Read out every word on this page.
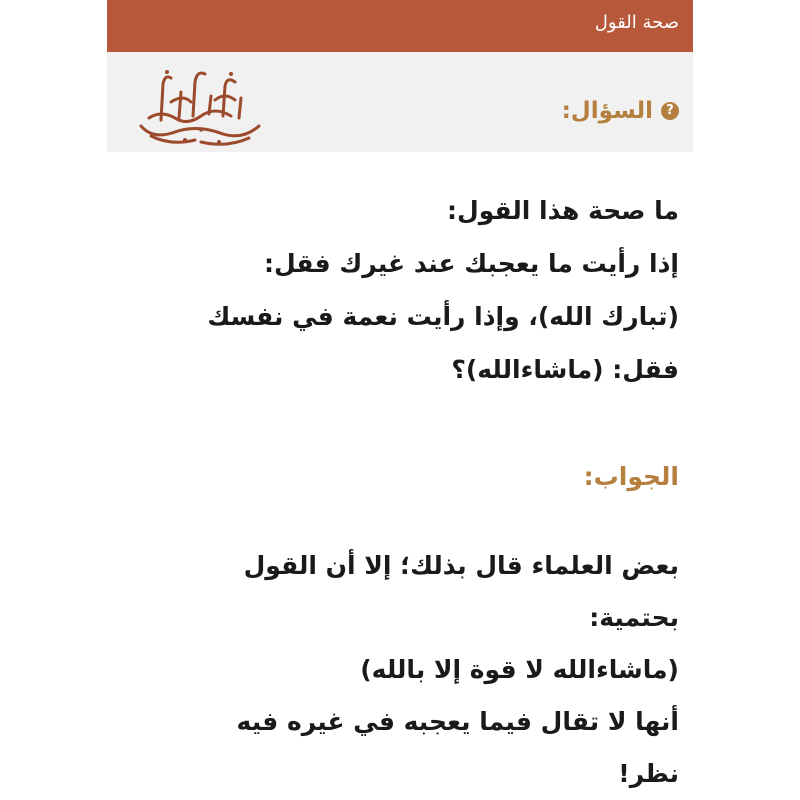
صحة القول
?
السؤال:
ما صحة هذا القول:
إذا رأيت ما يعجبك عند غيرك فقل:
(تبارك الله)، وإذا رأيت نعمة في نفسك
فقل: (ماشاءالله)؟
الجواب:
بعض العلماء قال بذلك؛ إلا أن القول
بحتمية:
(ماشاءالله لا قوة إلا بالله)
أنها لا تقال فيما يعجبه في غيره فيه
نظر!
